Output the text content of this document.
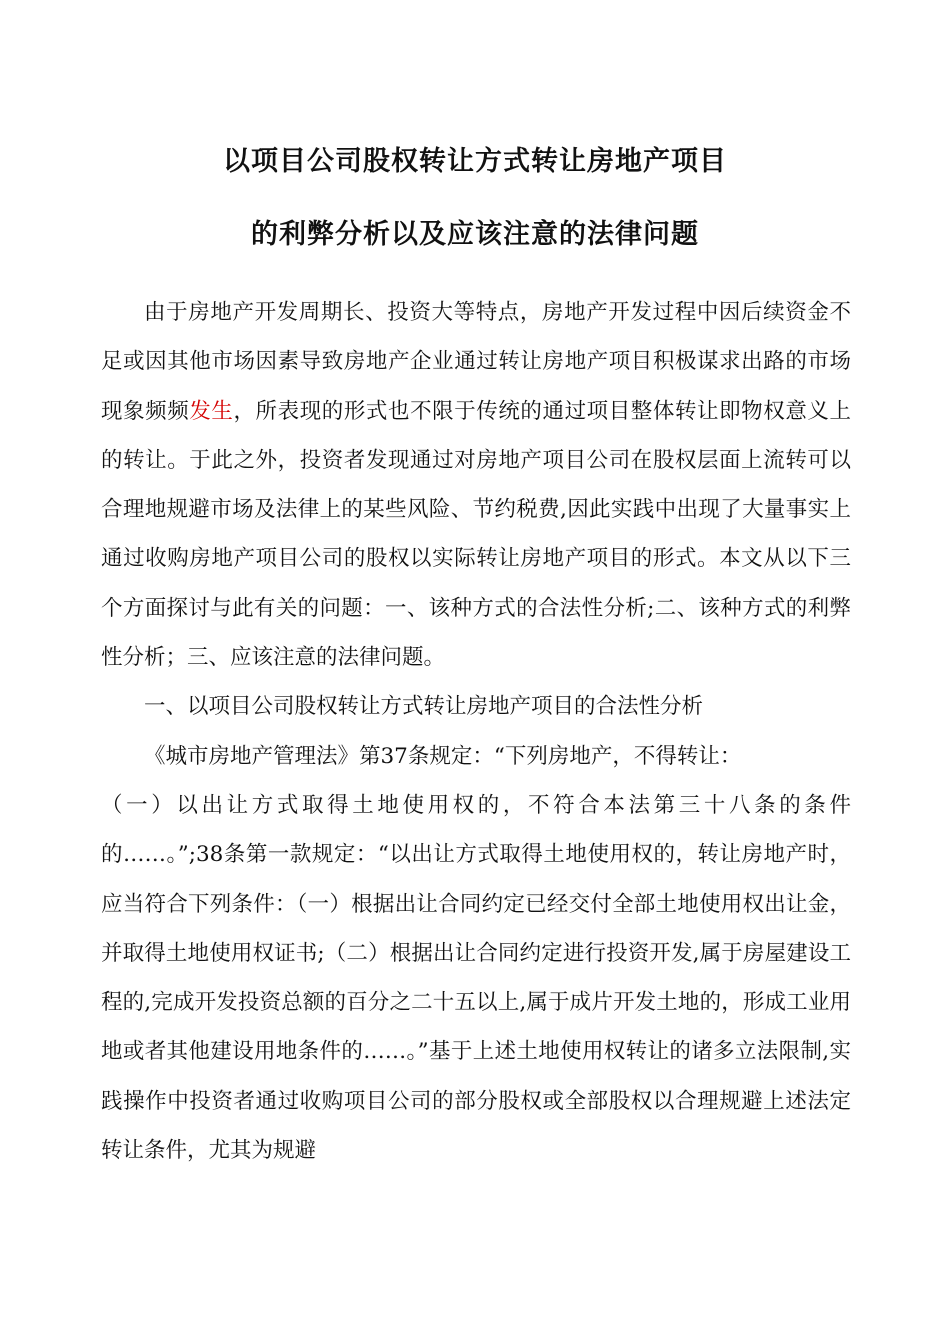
以项目公司股权转让方式转让房地产项目
的利弊分析以及应该注意的法律问题

由于房地产开发周期长、投资大等特点，房地产开发过程中因后续资金不足或因其他市场因素导致房地产企业通过转让房地产项目积极谋求出路的市场现象频频发生，所表现的形式也不限于传统的通过项目整体转让即物权意义上的转让。于此之外，投资者发现通过对房地产项目公司在股权层面上流转可以合理地规避市场及法律上的某些风险、节约税费,因此实践中出现了大量事实上通过收购房地产项目公司的股权以实际转让房地产项目的形式。本文从以下三个方面探讨与此有关的问题：一、该种方式的合法性分析;二、该种方式的利弊性分析；三、应该注意的法律问题。

一、以项目公司股权转让方式转让房地产项目的合法性分析

《城市房地产管理法》第37条规定：“下列房地产，不得转让：

（一）以出让方式取得土地使用权的，不符合本法第三十八条的条件的……。”;38条第一款规定：“以出让方式取得土地使用权的，转让房地产时，应当符合下列条件：（一）根据出让合同约定已经交付全部土地使用权出让金，并取得土地使用权证书;（二）根据出让合同约定进行投资开发,属于房屋建设工程的,完成开发投资总额的百分之二十五以上,属于成片开发土地的，形成工业用地或者其他建设用地条件的……。”基于上述土地使用权转让的诸多立法限制,实践操作中投资者通过收购项目公司的部分股权或全部股权以合理规避上述法定转让条件，尤其为规避
